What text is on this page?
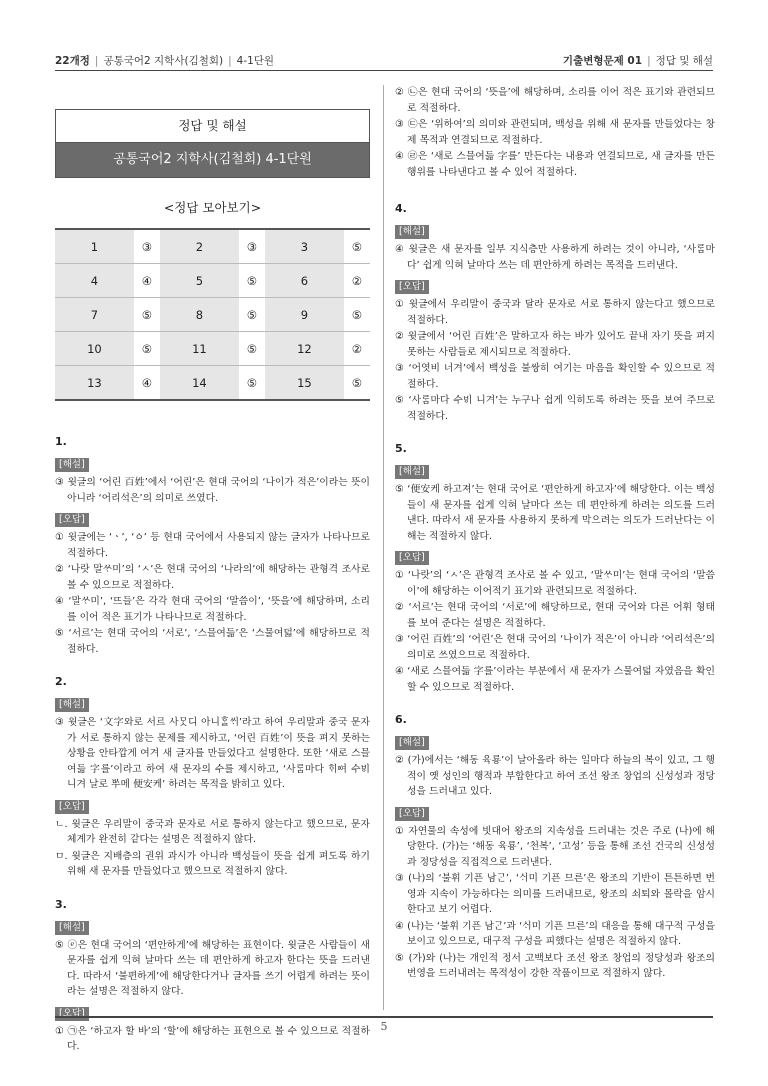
22개정 | 공통국어2 지학사(김철회) | 4-1단원	기출변형문제 01 | 정답 및 해설
정답 및 해설
공통국어2 지학사(김철회) 4-1단원
<정답 모아보기>
1	③	2	③	3	⑤
4	④	5	⑤	6	②
7	⑤	8	⑤	9	⑤
10	⑤	11	⑤	12	②
13	④	14	⑤	15	⑤
1.
[해설]
③ 윗글의 ‘어린 百姓’에서 ‘어린’은 현대 국어의 ‘나이가 적은’이라는 뜻이 아니라 ‘어리석은’의 의미로 쓰였다.
[오답]
① 윗글에는 ‘ㆍ’, ‘ㆁ’ 등 현대 국어에서 사용되지 않는 글자가 나타나므로 적절하다.
② ‘나랏 말ᄊᆞ미’의 ‘ㅅ’은 현대 국어의 ‘나라의’에 해당하는 관형격 조사로 볼 수 있으므로 적절하다.
④ ‘말ᄊᆞ미’, ‘뜨들’은 각각 현대 국어의 ‘말씀이’, ‘뜻을’에 해당하며, 소리를 이어 적은 표기가 나타나므로 적절하다.
⑤ ‘서르’는 현대 국어의 ‘서로’, ‘스믈여듧’은 ‘스물여덟’에 해당하므로 적절하다.
2.
[해설]
③ 윗글은 ‘文字와로 서르 사ᄆᆞᆺ디 아니ᄒᆞᆯᄊᆡ’라고 하여 우리말과 중국 문자가 서로 통하지 않는 문제를 제시하고, ‘어린 百姓’이 뜻을 펴지 못하는 상황을 안타깝게 여겨 새 글자를 만들었다고 설명한다. 또한 ‘새로 스믈여듧 字를’이라고 하여 새 문자의 수를 제시하고, ‘사ᄅᆞᆷ마다 ᄒᆡᅇᅧ 수ᄫᅵ 니겨 날로 ᄡᅮ메 便安케’ 하려는 목적을 밝히고 있다.
[오답]
ㄴ. 윗글은 우리말이 중국과 문자로 서로 통하지 않는다고 했으므로, 문자 체계가 완전히 같다는 설명은 적절하지 않다.
ㅁ. 윗글은 지배층의 권위 과시가 아니라 백성들이 뜻을 쉽게 펴도록 하기 위해 새 문자를 만들었다고 했으므로 적절하지 않다.
3.
[해설]
⑤ ⓔ은 현대 국어의 ‘편안하게’에 해당하는 표현이다. 윗글은 사람들이 새 문자를 쉽게 익혀 날마다 쓰는 데 편안하게 하고자 한다는 뜻을 드러낸다. 따라서 ‘불편하게’에 해당한다거나 글자를 쓰기 어렵게 하려는 뜻이라는 설명은 적절하지 않다.
[오답]
① ㉠은 ‘하고자 할 바’의 ‘할’에 해당하는 표현으로 볼 수 있으므로 적절하다.
② ㉡은 현대 국어의 ‘뜻을’에 해당하며, 소리를 이어 적은 표기와 관련되므로 적절하다.
③ ㉢은 ‘위하여’의 의미와 관련되며, 백성을 위해 새 문자를 만들었다는 창제 목적과 연결되므로 적절하다.
④ ㉣은 ‘새로 스믈여듧 字를’ 만든다는 내용과 연결되므로, 새 글자를 만든 행위를 나타낸다고 볼 수 있어 적절하다.
4.
[해설]
④ 윗글은 새 문자를 일부 지식층만 사용하게 하려는 것이 아니라, ‘사ᄅᆞᆷ마다’ 쉽게 익혀 날마다 쓰는 데 편안하게 하려는 목적을 드러낸다.
[오답]
① 윗글에서 우리말이 중국과 달라 문자로 서로 통하지 않는다고 했으므로 적절하다.
② 윗글에서 ‘어린 百姓’은 말하고자 하는 바가 있어도 끝내 자기 뜻을 펴지 못하는 사람들로 제시되므로 적절하다.
③ ‘어엿비 너겨’에서 백성을 불쌍히 여기는 마음을 확인할 수 있으므로 적절하다.
⑤ ‘사ᄅᆞᆷ마다 수ᄫᅵ 니겨’는 누구나 쉽게 익히도록 하려는 뜻을 보여 주므로 적절하다.
5.
[해설]
⑤ ‘便安케 하고져’는 현대 국어로 ‘편안하게 하고자’에 해당한다. 이는 백성들이 새 문자를 쉽게 익혀 날마다 쓰는 데 편안하게 하려는 의도를 드러낸다. 따라서 새 문자를 사용하지 못하게 막으려는 의도가 드러난다는 이해는 적절하지 않다.
[오답]
① ‘나랏’의 ‘ㅅ’은 관형격 조사로 볼 수 있고, ‘말ᄊᆞ미’는 현대 국어의 ‘말씀이’에 해당하는 이어적기 표기와 관련되므로 적절하다.
② ‘서르’는 현대 국어의 ‘서로’에 해당하므로, 현대 국어와 다른 어휘 형태를 보여 준다는 설명은 적절하다.
③ ‘어린 百姓’의 ‘어린’은 현대 국어의 ‘나이가 적은’이 아니라 ‘어리석은’의 의미로 쓰였으므로 적절하다.
④ ‘새로 스믈여듧 字를’이라는 부분에서 새 문자가 스물여덟 자였음을 확인할 수 있으므로 적절하다.
6.
[해설]
② (가)에서는 ‘해동 육룡’이 날아올라 하는 일마다 하늘의 복이 있고, 그 행적이 옛 성인의 행적과 부합한다고 하여 조선 왕조 창업의 신성성과 정당성을 드러내고 있다.
[오답]
① 자연물의 속성에 빗대어 왕조의 지속성을 드러내는 것은 주로 (나)에 해당한다. (가)는 ‘해동 육룡’, ‘천복’, ‘고성’ 등을 통해 조선 건국의 신성성과 정당성을 직접적으로 드러낸다.
③ (나)의 ‘불휘 기픈 남ᄀᆞᆫ’, ‘ᄉᆡ미 기픈 므른’은 왕조의 기반이 튼튼하면 번영과 지속이 가능하다는 의미를 드러내므로, 왕조의 쇠퇴와 몰락을 암시한다고 보기 어렵다.
④ (나)는 ‘불휘 기픈 남ᄀᆞᆫ’과 ‘ᄉᆡ미 기픈 므른’의 대응을 통해 대구적 구성을 보이고 있으므로, 대구적 구성을 피했다는 설명은 적절하지 않다.
⑤ (가)와 (나)는 개인적 정서 고백보다 조선 왕조 창업의 정당성과 왕조의 번영을 드러내려는 목적성이 강한 작품이므로 적절하지 않다.
5
